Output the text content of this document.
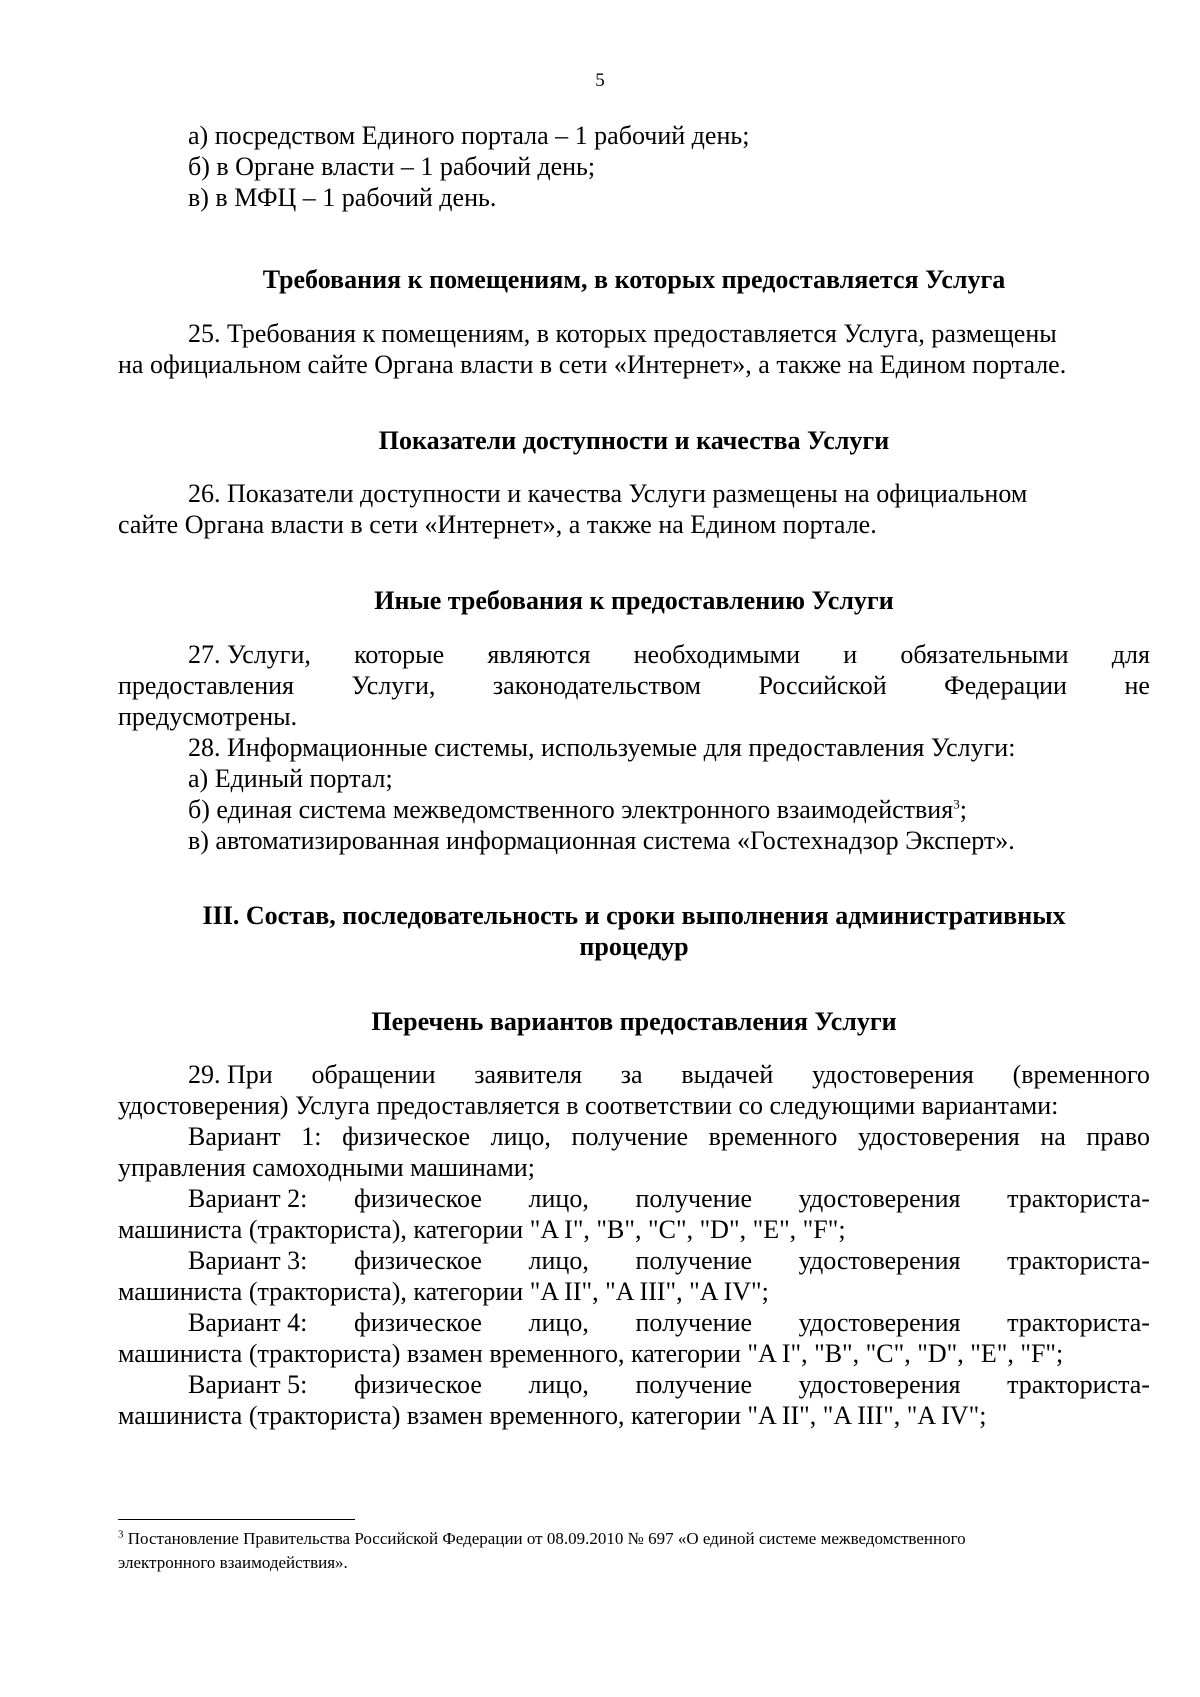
5
а) посредством Единого портала – 1 рабочий день;
б) в Органе власти – 1 рабочий день;
в) в МФЦ – 1 рабочий день.
Требования к помещениям, в которых предоставляется Услуга
25. Требования к помещениям, в которых предоставляется Услуга, размещены
на официальном сайте Органа власти в сети «Интернет», а также на Едином портале.
Показатели доступности и качества Услуги
26. Показатели доступности и качества Услуги размещены на официальном
сайте Органа власти в сети «Интернет», а также на Едином портале.
Иные требования к предоставлению Услуги
27. Услуги, которые являются необходимыми и обязательными для
предоставления Услуги, законодательством Российской Федерации не
предусмотрены.
28. Информационные системы, используемые для предоставления Услуги:
а) Единый портал;
б) единая система межведомственного электронного взаимодействия$^3$;
в) автоматизированная информационная система «Гостехнадзор Эксперт».
III. Состав, последовательность и сроки выполнения административных
процедур
Перечень вариантов предоставления Услуги
29. При обращении заявителя за выдачей удостоверения (временного
удостоверения) Услуга предоставляется в соответствии со следующими вариантами:
Вариант 1: физическое лицо, получение временного удостоверения на право
управления самоходными машинами;
Вариант 2: физическое лицо, получение удостоверения тракториста-
машиниста (тракториста), категории "A I", "B", "C", "D", "E", "F";
Вариант 3: физическое лицо, получение удостоверения тракториста-
машиниста (тракториста), категории "A II", "A III", "A IV";
Вариант 4: физическое лицо, получение удостоверения тракториста-
машиниста (тракториста) взамен временного, категории "A I", "B", "C", "D", "E", "F";
Вариант 5: физическое лицо, получение удостоверения тракториста-
машиниста (тракториста) взамен временного, категории "A II", "A III", "A IV";
$^3$ Постановление Правительства Российской Федерации от 08.09.2010 № 697 «О единой системе межведомственного
электронного взаимодействия».
